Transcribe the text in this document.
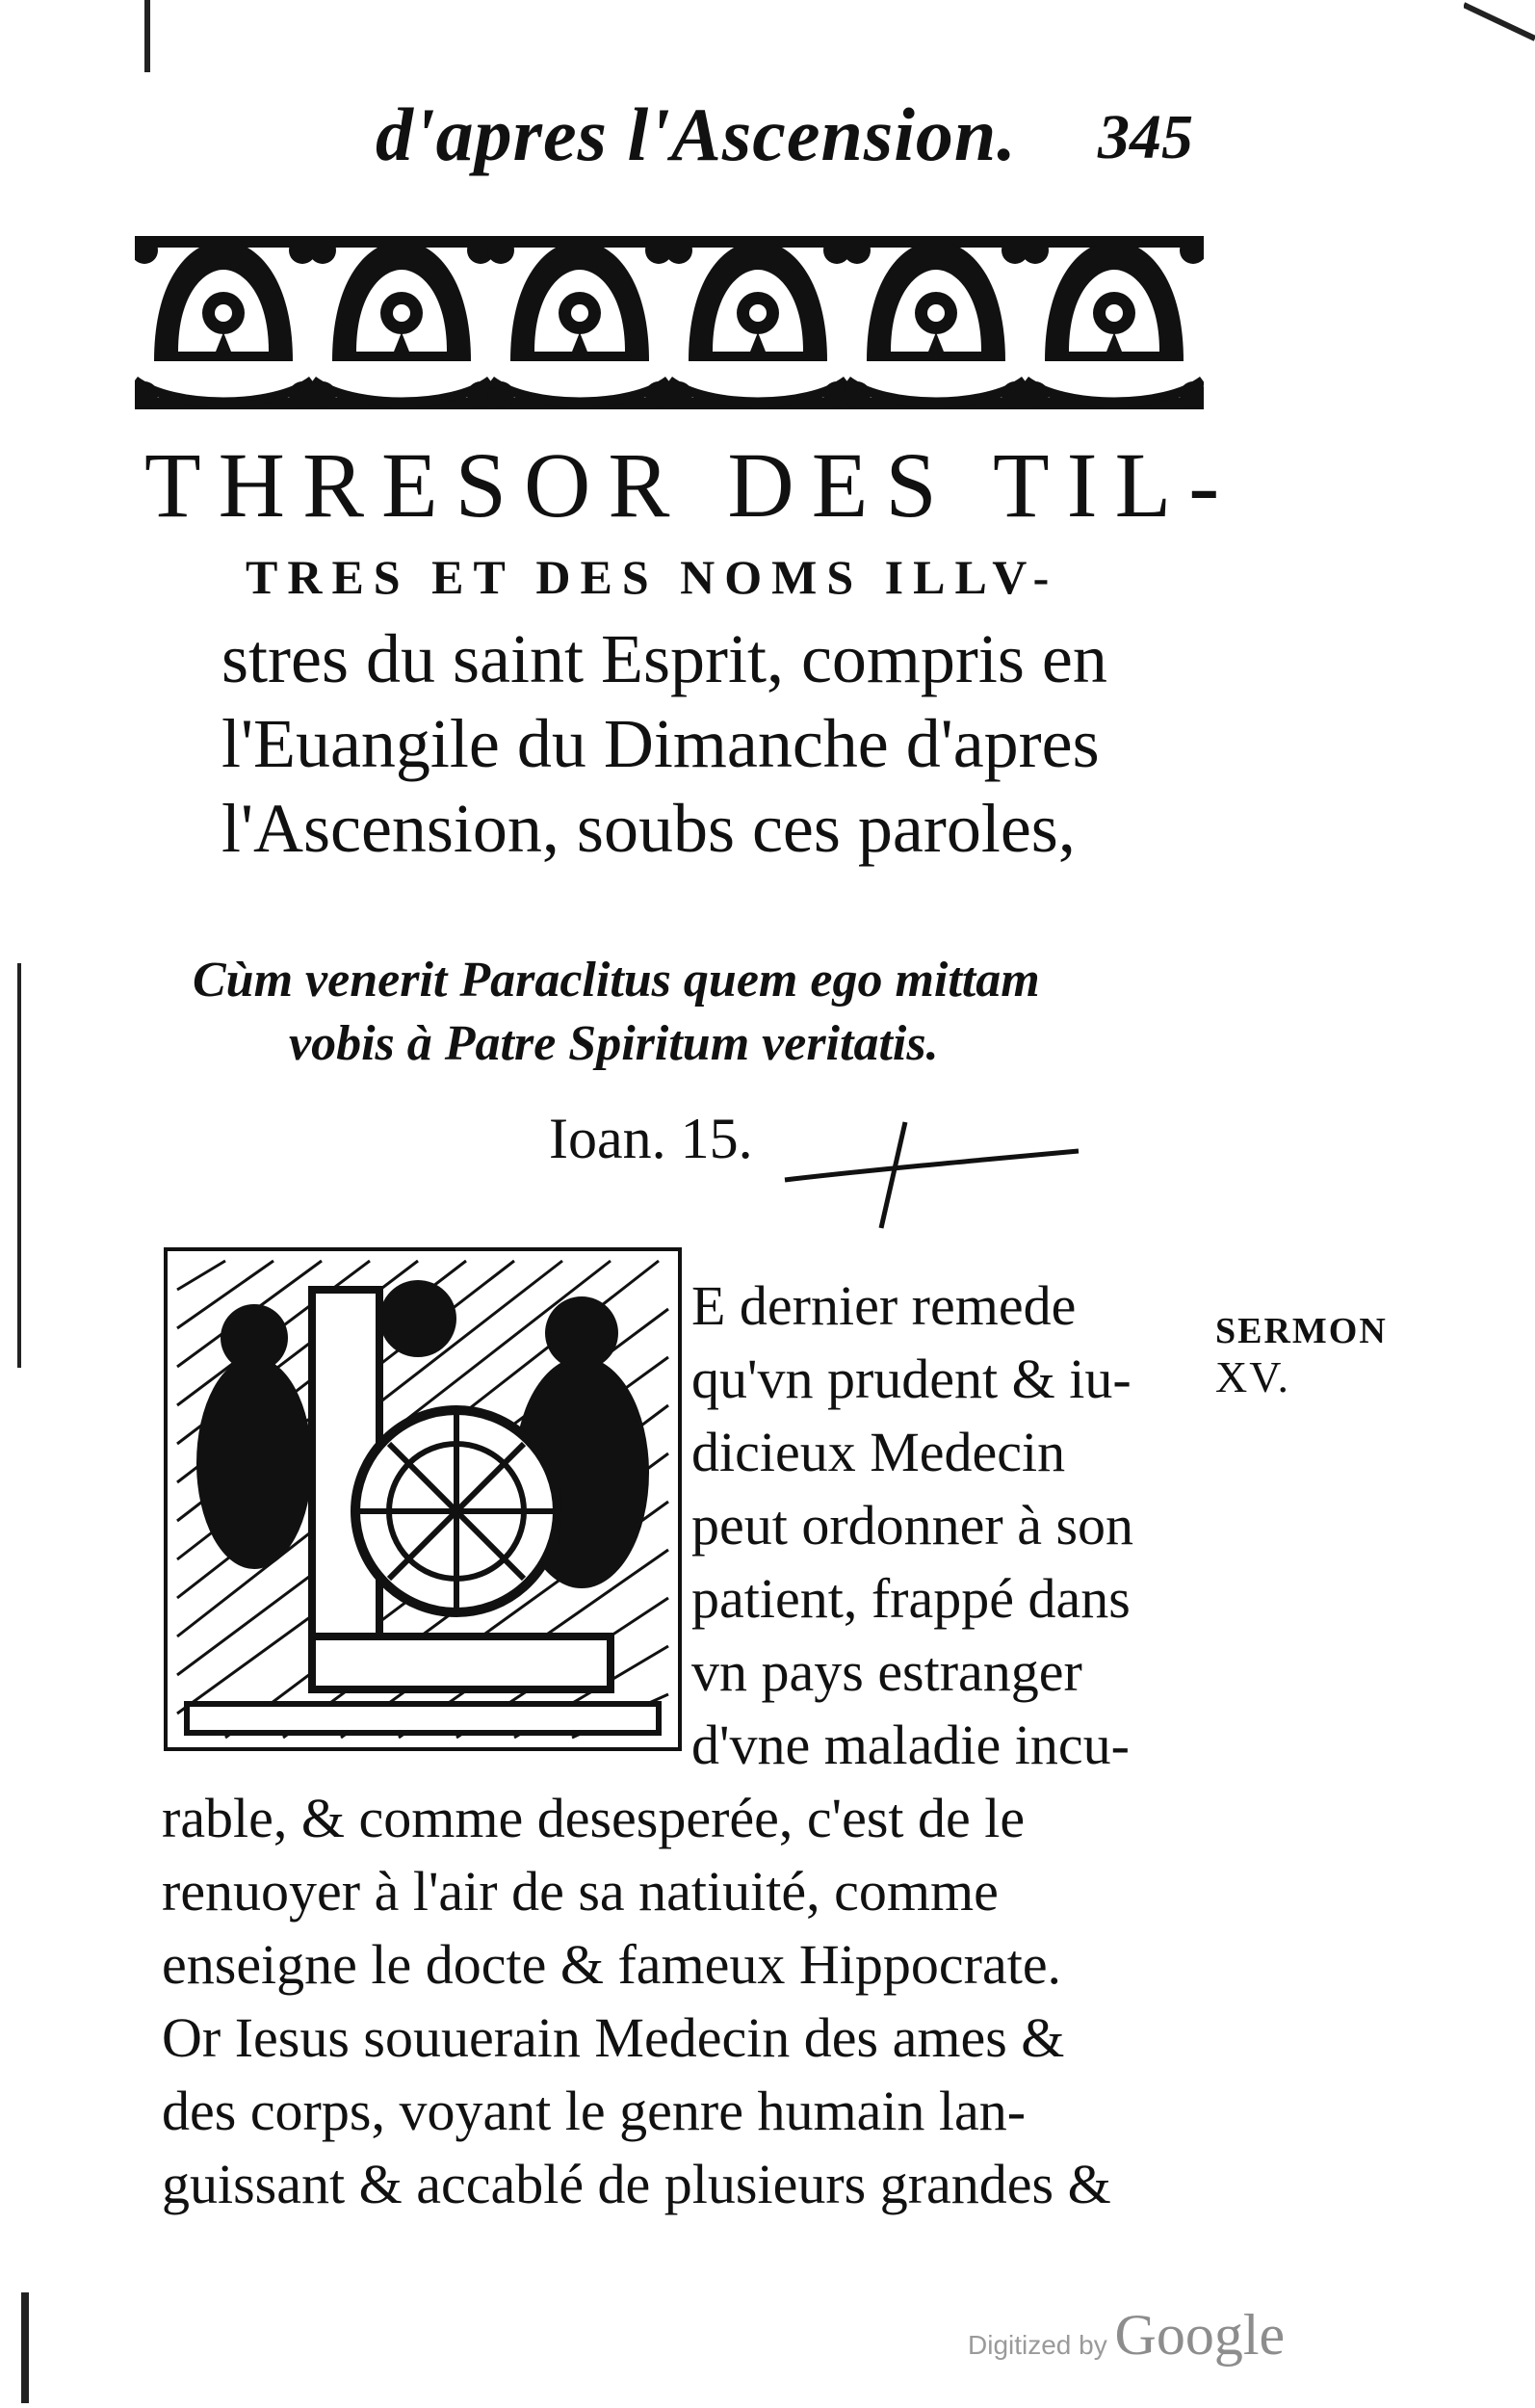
d'apres l'Ascension.	345
THRESOR DES TIL-
TRES ET DES NOMS ILLV-
stres du saint Esprit, compris en
l'Euangile du Dimanche d'apres
l'Ascension, soubs ces paroles,
Cùm venerit Paraclitus quem ego mittam
vobis à Patre Spiritum veritatis.
Ioan. 15.
SERMON
XV.
E dernier remede
qu'vn prudent & iu-
dicieux Medecin
peut ordonner à son
patient, frappé dans
vn pays estranger
d'vne maladie incu-
rable, & comme desesperée, c'est de le
renuoyer à l'air de sa natiuité, comme
enseigne le docte & fameux Hippocrate.
Or Iesus souuerain Medecin des ames &
des corps, voyant le genre humain lan-
guissant & accablé de plusieurs grandes &
Digitized by Google
